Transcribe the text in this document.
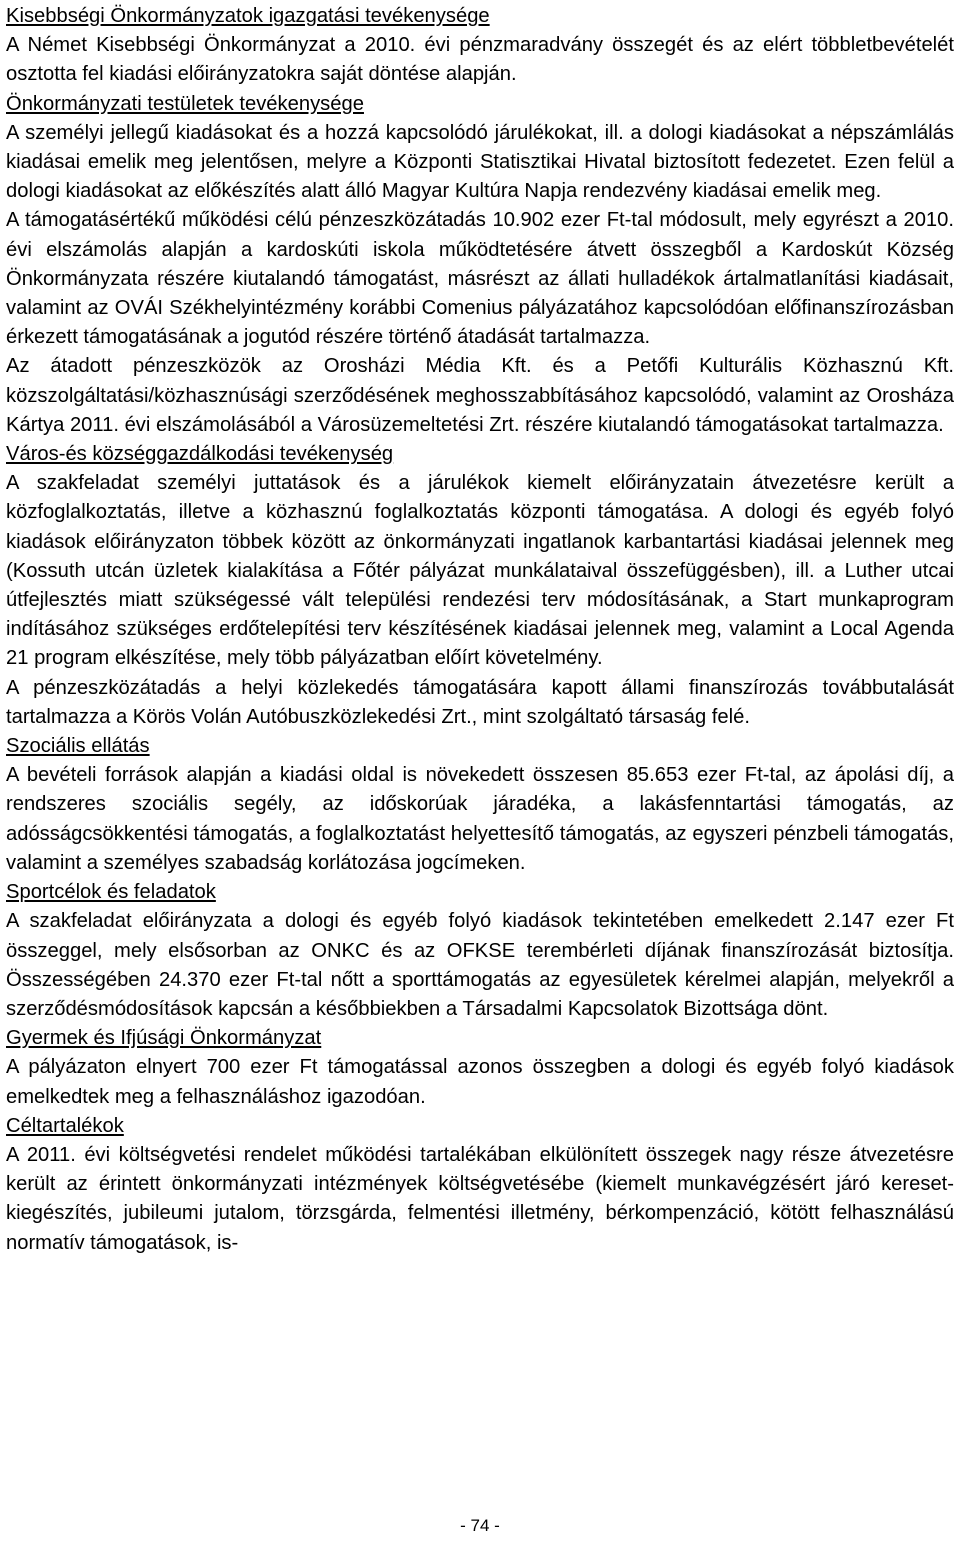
Kisebbségi Önkormányzatok igazgatási tevékenysége

A Német Kisebbségi Önkormányzat a 2010. évi pénzmaradvány összegét és az elért többletbevételét osztotta fel kiadási előirányzatokra saját döntése alapján.

Önkormányzati testületek tevékenysége

A személyi jellegű kiadásokat és a hozzá kapcsolódó járulékokat, ill. a dologi kiadásokat a népszámlálás kiadásai emelik meg jelentősen, melyre a Központi Statisztikai Hivatal biztosított fedezetet. Ezen felül a dologi kiadásokat az előkészítés alatt álló Magyar Kultúra Napja rendezvény kiadásai emelik meg.

A támogatásértékű működési célú pénzeszközátadás 10.902 ezer Ft-tal módosult, mely egyrészt a 2010. évi elszámolás alapján a kardoskúti iskola működtetésére átvett összegből a Kardoskút Község Önkormányzata részére kiutalandó támogatást, másrészt az állati hulladékok ártalmatlanítási kiadásait, valamint az OVÁI Székhelyintézmény korábbi Comenius pályázatához kapcsolódóan előfinanszírozásban érkezett támogatásának a jogutód részére történő átadását tartalmazza.

Az átadott pénzeszközök az Orosházi Média Kft. és a Petőfi Kulturális Közhasznú Kft. közszolgáltatási/közhasznúsági szerződésének meghosszabbításához kapcsolódó, valamint az Orosháza Kártya 2011. évi elszámolásából a Városüzemeltetési Zrt. részére kiutalandó támogatásokat tartalmazza.

Város-és községgazdálkodási tevékenység

A szakfeladat személyi juttatások és a járulékok kiemelt előirányzatain átvezetésre került a közfoglalkoztatás, illetve a közhasznú foglalkoztatás központi támogatása. A dologi és egyéb folyó kiadások előirányzaton többek között az önkormányzati ingatlanok karbantartási kiadásai jelennek meg (Kossuth utcán üzletek kialakítása a Főtér pályázat munkálataival összefüggésben), ill. a Luther utcai útfejlesztés miatt szükségessé vált települési rendezési terv módosításának, a Start munkaprogram indításához szükséges erdőtelepítési terv készítésének kiadásai jelennek meg, valamint a Local Agenda 21 program elkészítése, mely több pályázatban előírt követelmény.

A pénzeszközátadás a helyi közlekedés támogatására kapott állami finanszírozás továbbutalását tartalmazza a Körös Volán Autóbuszközlekedési Zrt., mint szolgáltató társaság felé.

Szociális ellátás

A bevételi források alapján a kiadási oldal is növekedett összesen 85.653 ezer Ft-tal, az ápolási díj, a rendszeres szociális segély, az időskorúak járadéka, a lakásfenntartási támogatás, az adósságcsökkentési támogatás, a foglalkoztatást helyettesítő támogatás, az egyszeri pénzbeli támogatás, valamint a személyes szabadság korlátozása jogcímeken.

Sportcélok és feladatok

A szakfeladat előirányzata a dologi és egyéb folyó kiadások tekintetében emelkedett 2.147 ezer Ft összeggel, mely elsősorban az ONKC és az OFKSE terembérleti díjának finanszírozását biztosítja. Összességében 24.370 ezer Ft-tal nőtt a sporttámogatás az egyesületek kérelmei alapján, melyekről a szerződésmódosítások kapcsán a későbbiekben a Társadalmi Kapcsolatok Bizottsága dönt.

Gyermek és Ifjúsági Önkormányzat

A pályázaton elnyert 700 ezer Ft támogatással azonos összegben a dologi és egyéb folyó kiadások emelkedtek meg a felhasználáshoz igazodóan.

Céltartalékok

A 2011. évi költségvetési rendelet működési tartalékában elkülönített összegek nagy része átvezetésre került az érintett önkormányzati intézmények költségvetésébe (kiemelt munkavégzésért járó kereset-kiegészítés, jubileumi jutalom, törzsgárda, felmentési illetmény, bérkompenzáció, kötött felhasználású normatív támogatások, is-

- 74 -
